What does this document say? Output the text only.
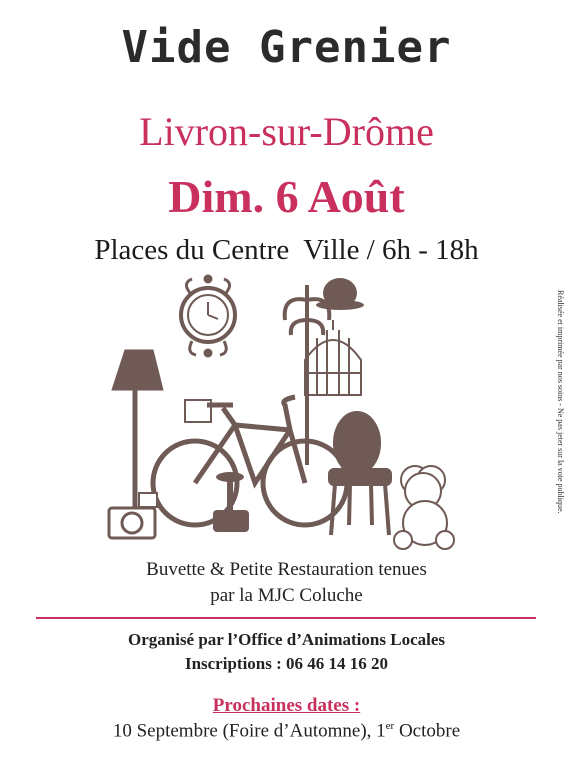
Vide Grenier
Livron-sur-Drôme
Dim. 6 Août
Places du Centre  Ville / 6h - 18h
Réalisée et imprimée par nos soins - Ne pas jeter sur la voie publique.
Buvette & Petite Restauration tenues
par la MJC Coluche
Organisé par l’Office d’Animations Locales
Inscriptions : 06 46 14 16 20
Prochaines dates :
10 Septembre (Foire d’Automne), 1er Octobre
